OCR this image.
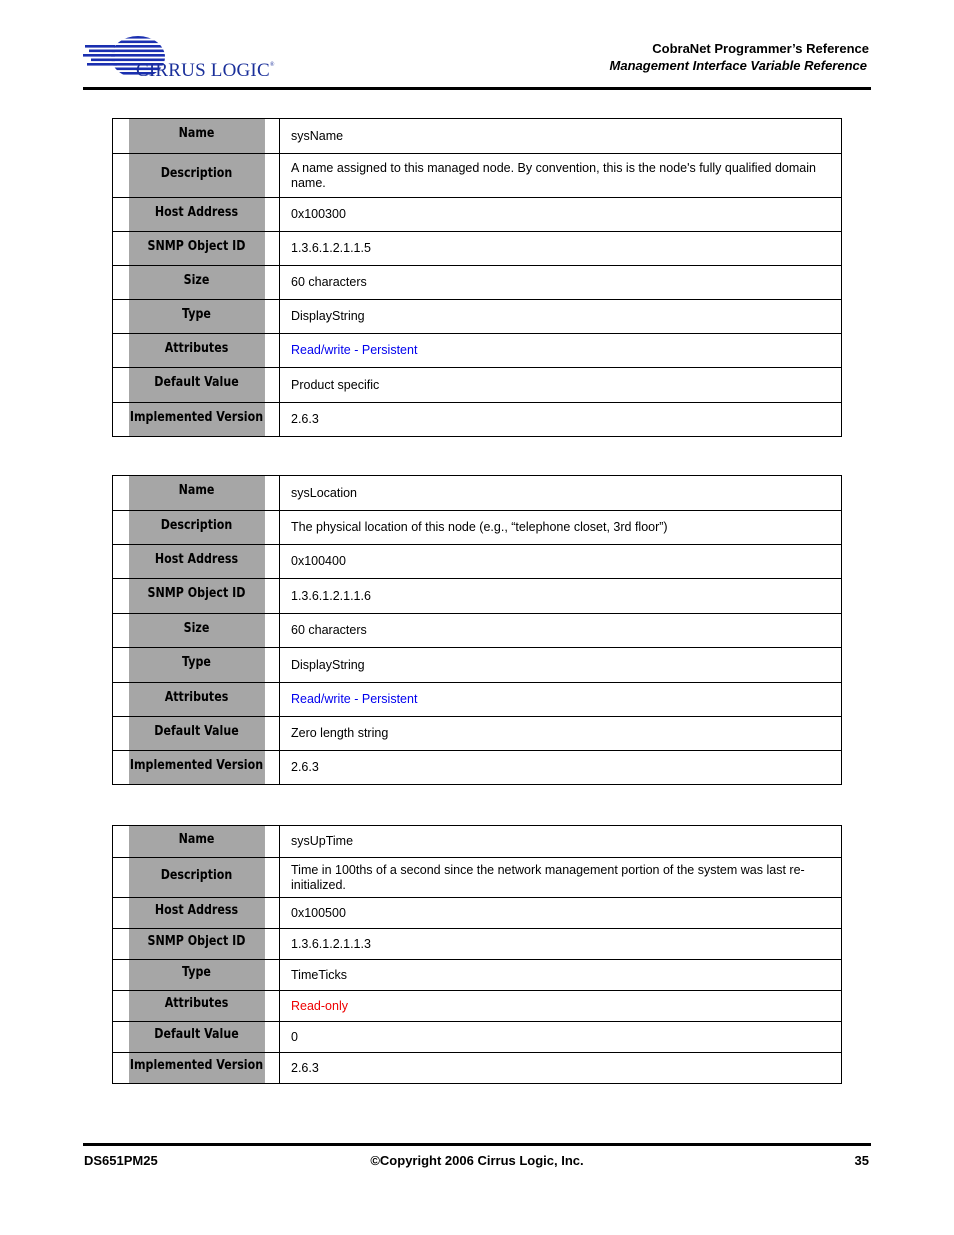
CIRRUS LOGIC®
CobraNet Programmer’s Reference
Management Interface Variable Reference
Name	sysName
Description	A name assigned to this managed node. By convention, this is the node's fully qualified domain name.
Host Address	0x100300
SNMP Object ID	1.3.6.1.2.1.1.5
Size	60 characters
Type	DisplayString
Attributes	Read/write - Persistent
Default Value	Product specific
Implemented Version	2.6.3
Name	sysLocation
Description	The physical location of this node (e.g., “telephone closet, 3rd floor”)
Host Address	0x100400
SNMP Object ID	1.3.6.1.2.1.1.6
Size	60 characters
Type	DisplayString
Attributes	Read/write - Persistent
Default Value	Zero length string
Implemented Version	2.6.3
Name	sysUpTime
Description	Time in 100ths of a second since the network management portion of the system was last re-initialized.
Host Address	0x100500
SNMP Object ID	1.3.6.1.2.1.1.3
Type	TimeTicks
Attributes	Read-only
Default Value	0
Implemented Version	2.6.3
DS651PM25	©Copyright 2006 Cirrus Logic, Inc.	35
